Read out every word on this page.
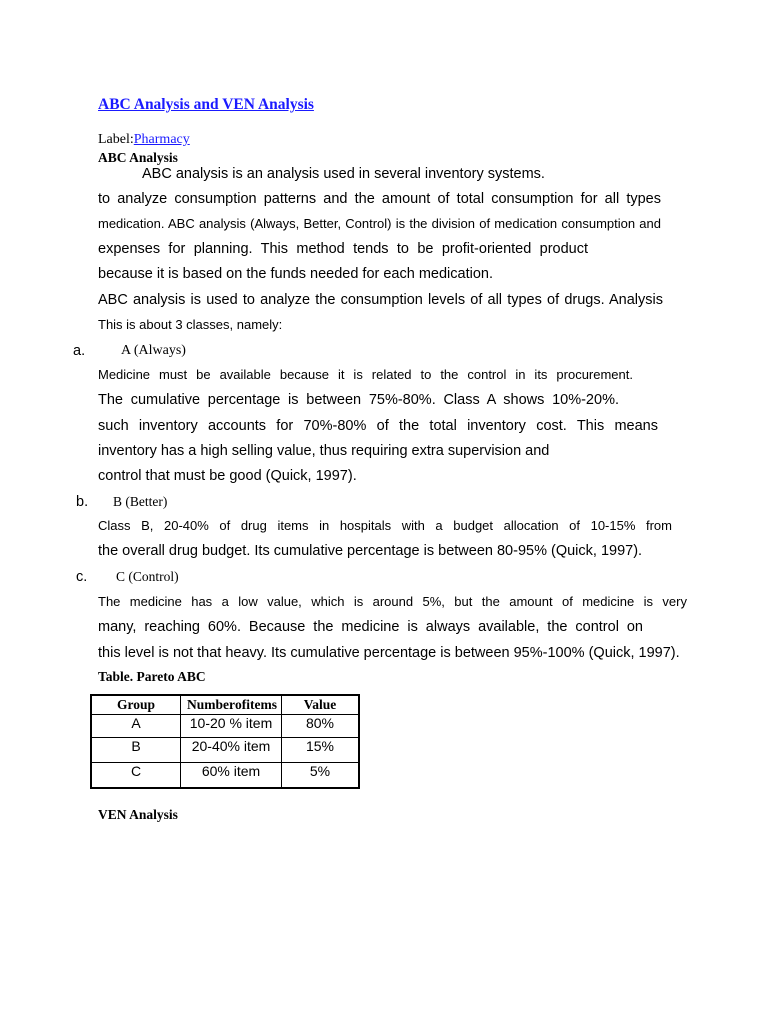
ABC Analysis and VEN Analysis
Label:Pharmacy
ABC Analysis
ABC analysis is an analysis used in several inventory systems.
to analyze consumption patterns and the amount of total consumption for all types
medication. ABC analysis (Always, Better, Control) is the division of medication consumption and
expenses for planning. This method tends to be profit-oriented product
because it is based on the funds needed for each medication.
ABC analysis is used to analyze the consumption levels of all types of drugs. Analysis
This is about 3 classes, namely:
a.	A (Always)
Medicine must be available because it is related to the control in its procurement.
The cumulative percentage is between 75%-80%. Class A shows 10%-20%.
such inventory accounts for 70%-80% of the total inventory cost. This means
inventory has a high selling value, thus requiring extra supervision and
control that must be good (Quick, 1997).
b. B (Better)
Class B, 20-40% of drug items in hospitals with a budget allocation of 10-15% from
the overall drug budget. Its cumulative percentage is between 80-95% (Quick, 1997).
c. C (Control)
The medicine has a low value, which is around 5%, but the amount of medicine is very
many, reaching 60%. Because the medicine is always available, the control on
this level is not that heavy. Its cumulative percentage is between 95%-100% (Quick, 1997).
Table. Pareto ABC
Group	Number of items	Value
A	10-20 % item	80%
B	20-40% item	15%
C	60% item	5%
VEN Analysis
